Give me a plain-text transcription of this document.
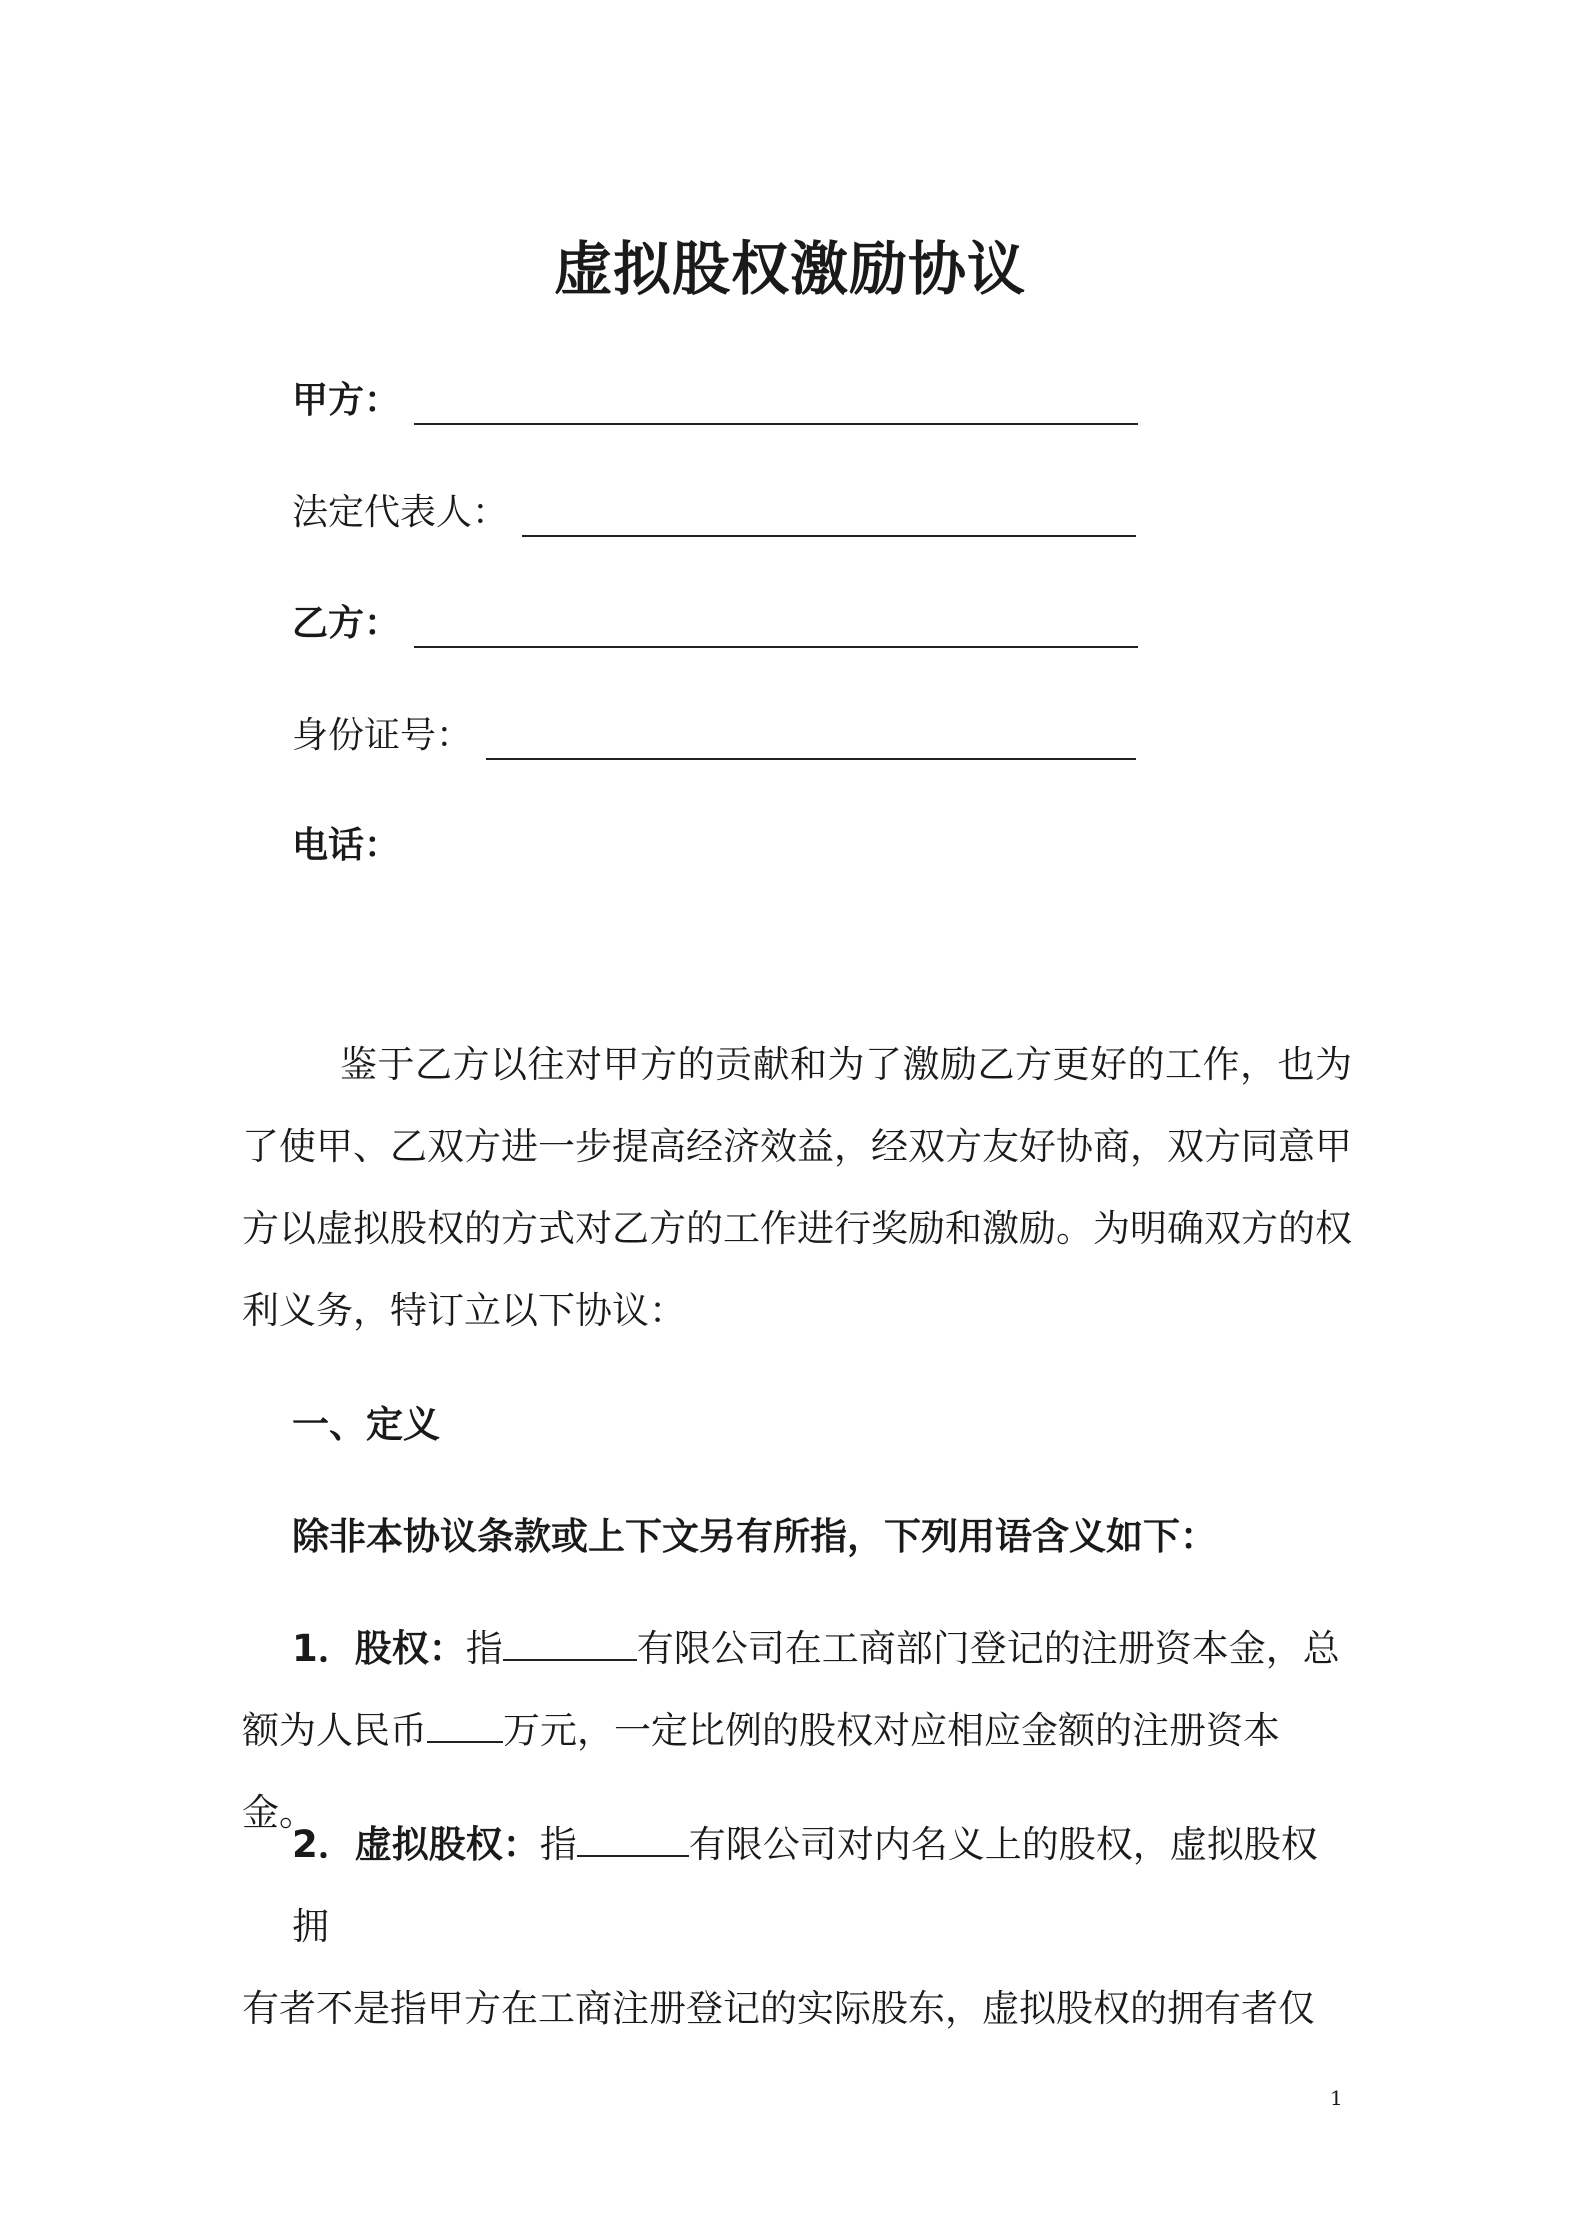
虚拟股权激励协议
甲方：
法定代表人：
乙方：
身份证号：
电话：

鉴于乙方以往对甲方的贡献和为了激励乙方更好的工作，也为了使甲、乙双方进一步提高经济效益，经双方友好协商，双方同意甲方以虚拟股权的方式对乙方的工作进行奖励和激励。为明确双方的权利义务，特订立以下协议：

一、定义
除非本协议条款或上下文另有所指，下列用语含义如下：

1．股权：指	有限公司在工商部门登记的注册资本金，总

额为人民币 万元，一定比例的股权对应相应金额的注册资本金。

2．虚拟股权：指	有限公司对内名义上的股权，虚拟股权拥

有者不是指甲方在工商注册登记的实际股东，虚拟股权的拥有者仅

1
